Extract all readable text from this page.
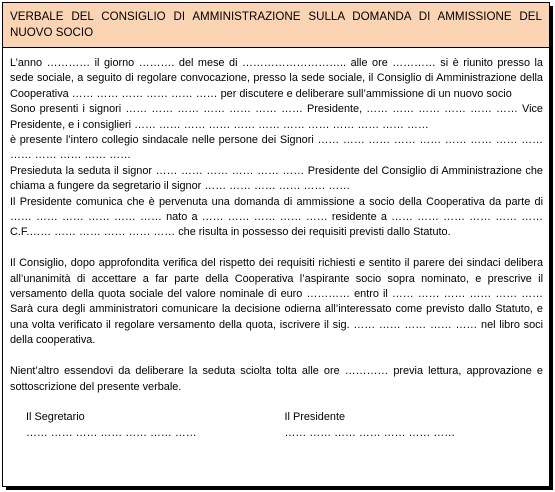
VERBALE DEL CONSIGLIO DI AMMINISTRAZIONE SULLA DOMANDA DI AMMISSIONE DEL NUOVO SOCIO

L’anno ………… il giorno ………. del mese di ……………………….. alle ore ………… si è riunito presso la sede sociale, a seguito di regolare convocazione, presso la sede sociale, il Consiglio di Amministrazione della Cooperativa …… …… …… …… …… …… per discutere e deliberare sull’ammissione di un nuovo socio

Sono presenti i signori …… …… …… …… …… …… …… Presidente, …… …… …… …… …… …… Vice Presidente, e i consiglieri …… …… …… …… …… …… …… …… …… …… …… ……

è presente l’intero collegio sindacale nelle persone dei Signori …… …… …… …… …… …… …… …… …… …… …… …… …… ……

Presieduta la seduta il signor …… …… …… …… …… …… Presidente del Consiglio di Amministrazione che chiama a fungere da segretario il signor …… …… …… …… …… ……

Il Presidente comunica che è pervenuta una domanda di ammissione a socio della Cooperativa da parte di …… …… …… …… …… …… nato a …… …… …… …… …… residente a …… …… …… …… …… …… C.F.…… …… …… …… …… …… che risulta in possesso dei requisiti previsti dallo Statuto.

Il Consiglio, dopo approfondita verifica del rispetto dei requisiti richiesti e sentito il parere dei sindaci delibera all’unanimità di accettare a far parte della Cooperativa l’aspirante socio sopra nominato, e prescrive il versamento della quota sociale del valore nominale di euro ………… entro il …… …… …… …… …… …… Sarà cura degli amministratori comunicare la decisione odierna all’interessato come previsto dallo Statuto, e una volta verificato il regolare versamento della quota, iscrivere il sig. …… …… …… …… …… nel libro soci della cooperativa.

Nient’altro essendovi da deliberare la seduta sciolta tolta alle ore ………… previa lettura, approvazione e sottoscrizione del presente verbale.

Il Segretario
…… …… …… …… …… …… ……
Il Presidente
…… …… …… …… …… …… ……
